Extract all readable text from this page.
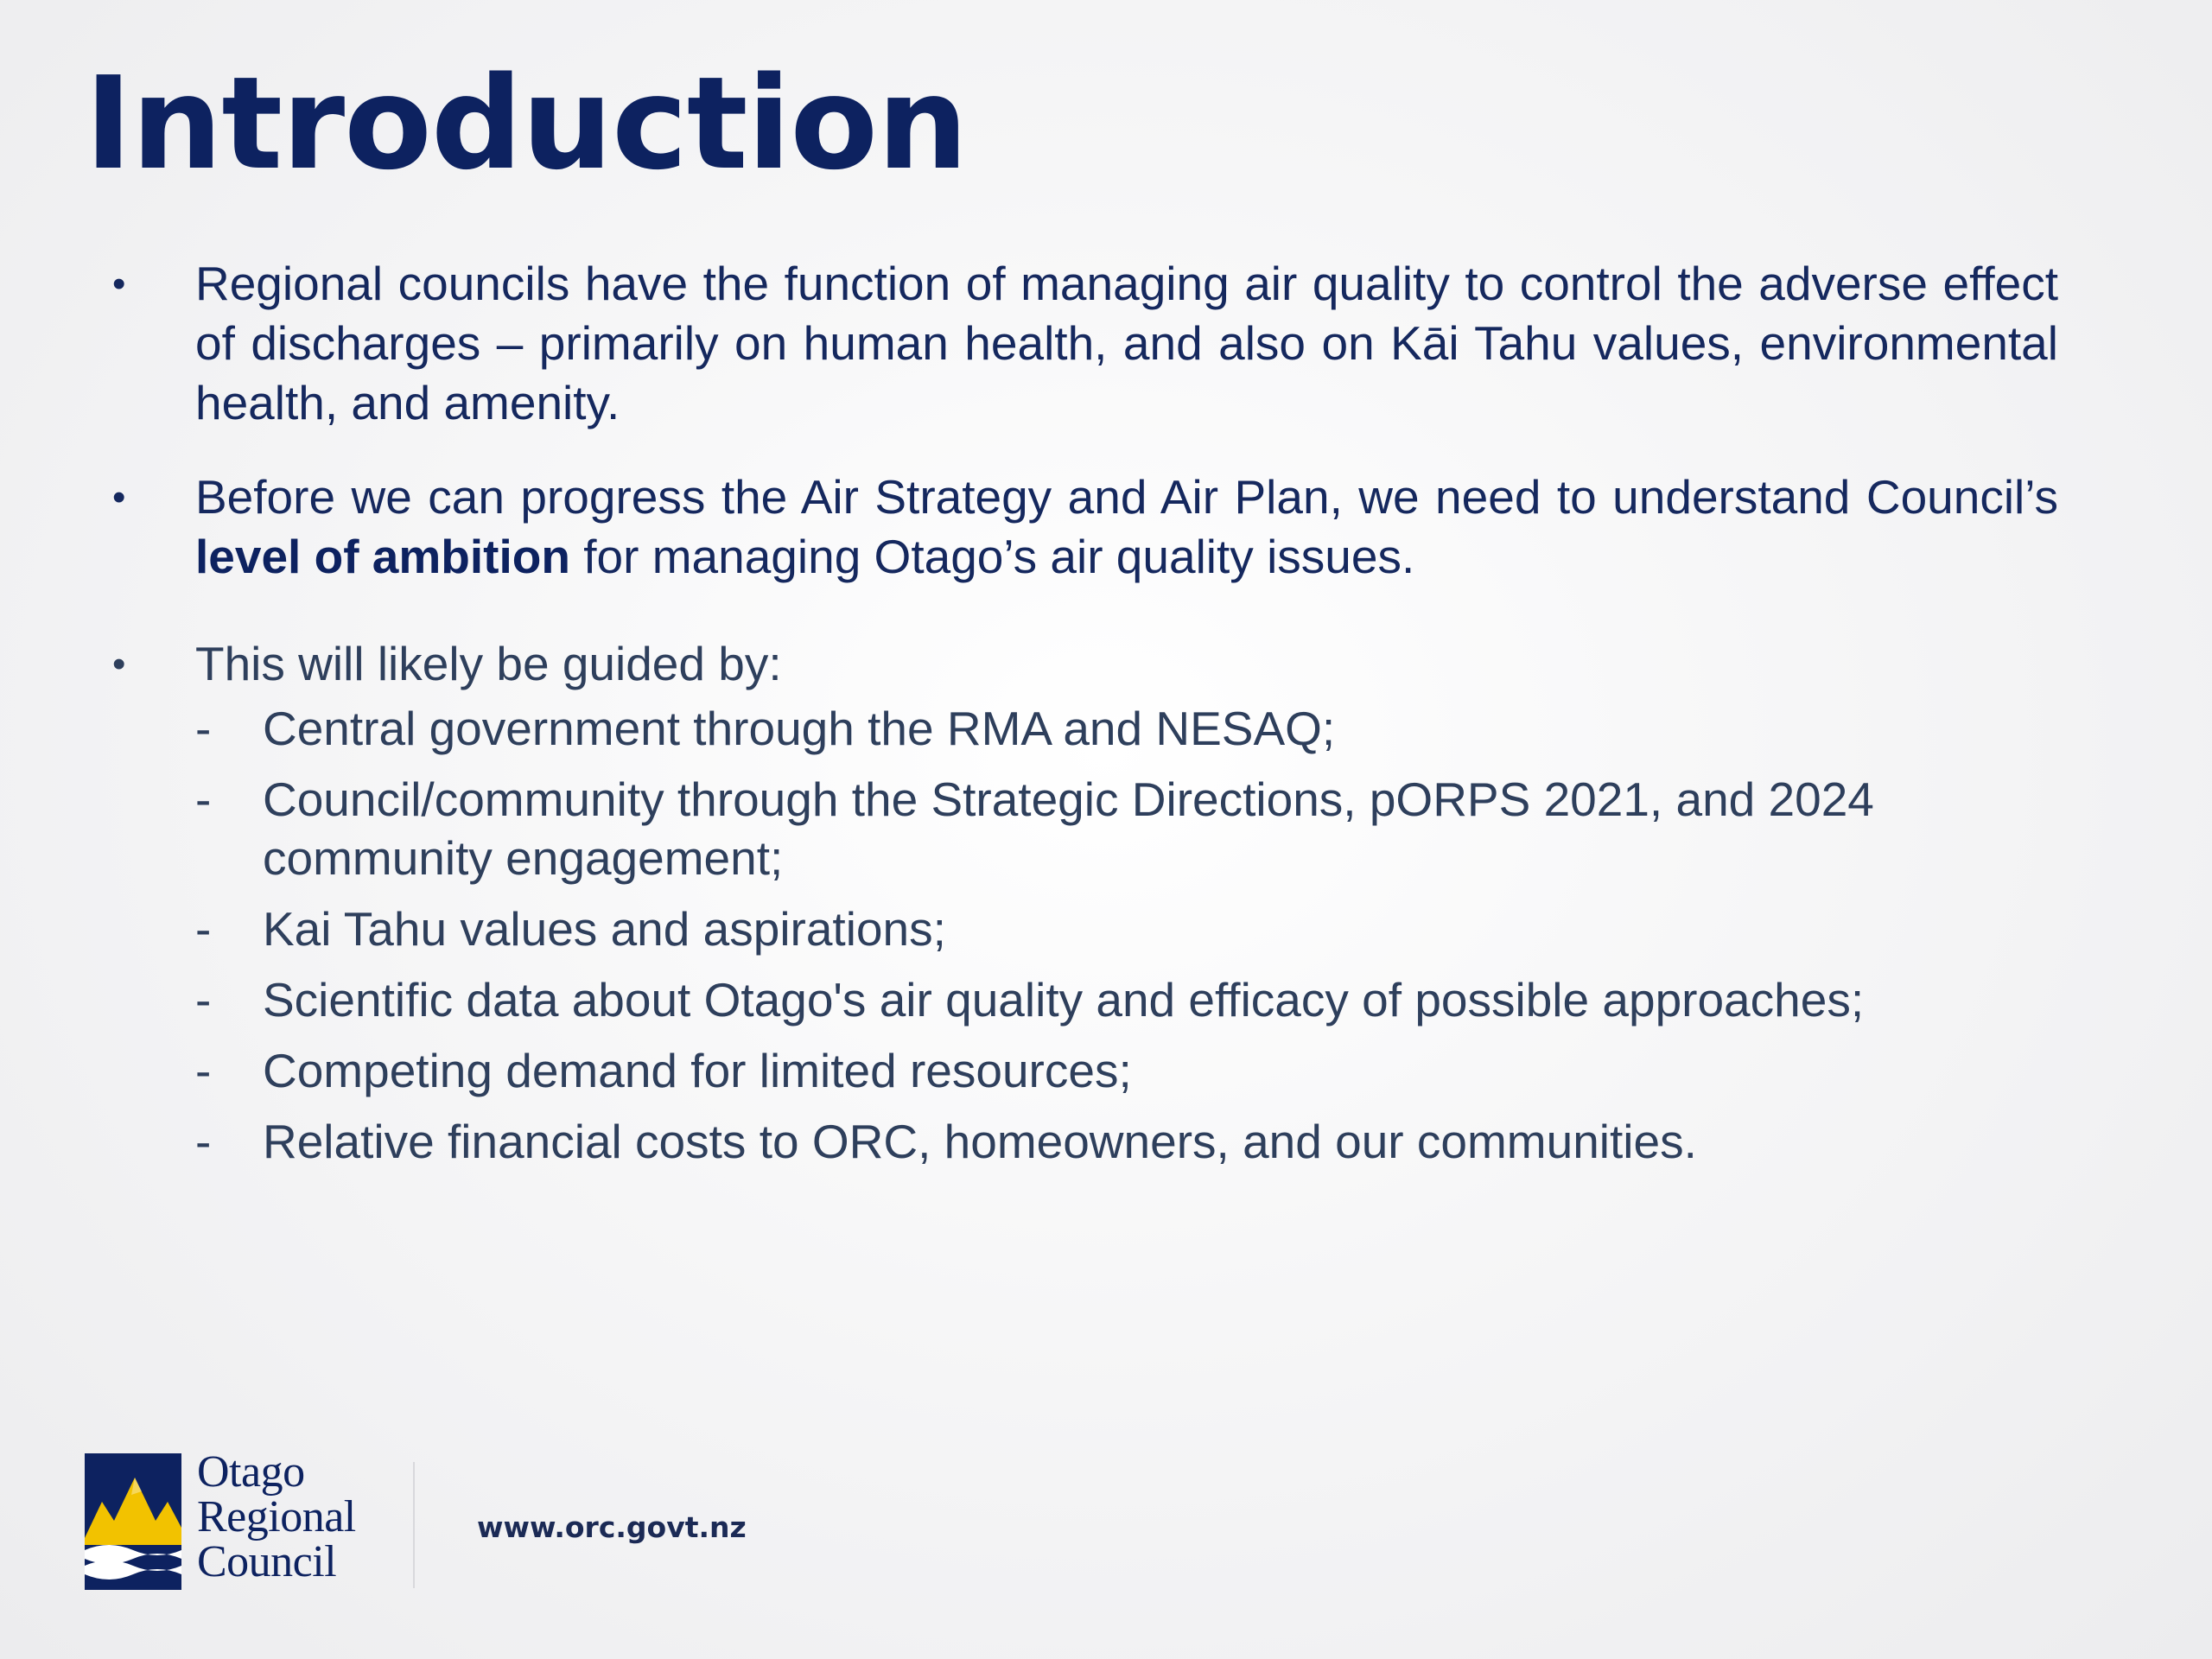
Introduction
•	Regional councils have the function of managing air quality to control the adverse effect of discharges – primarily on human health, and also on Kāi Tahu values, environmental health, and amenity.
•	Before we can progress the Air Strategy and Air Plan, we need to understand Council’s level of ambition for managing Otago’s air quality issues.
•	This will likely be guided by:
-	Central government through the RMA and NESAQ;
-	Council/community through the Strategic Directions, pORPS 2021, and 2024 community engagement;
-	Kai Tahu values and aspirations;
-	Scientific data about Otago's air quality and efficacy of possible approaches;
-	Competing demand for limited resources;
-	Relative financial costs to ORC, homeowners, and our communities.
Otago
Regional
Council
www.orc.govt.nz
